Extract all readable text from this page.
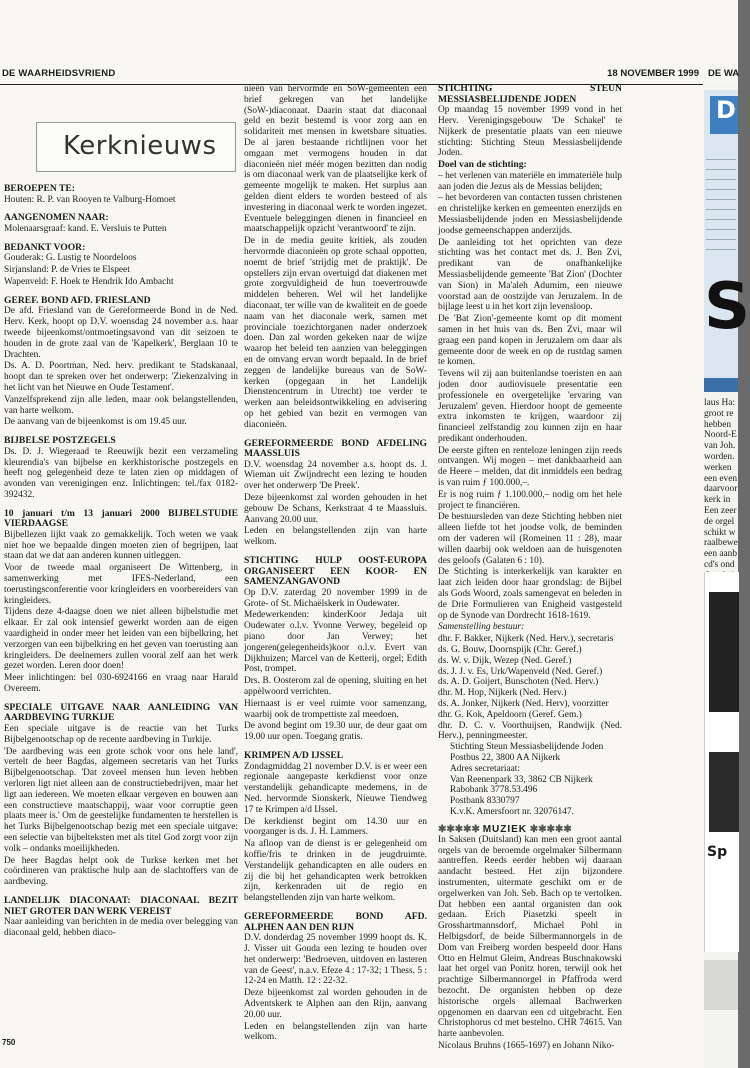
DE WAARHEIDSVRIEND	18 NOVEMBER 1999 DE WA
Kerknieuws
BEROEPEN TE:

Houten: R. P. van Rooyen te Valburg-Homoet

AANGENOMEN NAAR:

Molenaarsgraaf: kand. E. Versluis te Putten

BEDANKT VOOR:

Gouderak: G. Lustig te Noordeloos

Sirjansland: P. de Vries te Elspeet

Wapenveld: F. Hoek te Hendrik Ido Ambacht

GEREF. BOND AFD. FRIESLAND

De afd. Friesland van de Gereformeerde Bond in de Ned. Herv. Kerk, hoopt op D.V. woensdag 24 november a.s. haar tweede bijeenkomst/ontmoetingsavond van dit seizoen te houden in de grote zaal van de 'Kapelkerk', Berglaan 10 te Drachten.

Ds. A. D. Poortman, Ned. herv. predikant te Stadskanaal, hoopt dan te spreken over het onderwerp: 'Ziekenzalving in het licht van het Nieuwe en Oude Testament'.

Vanzelfsprekend zijn alle leden, maar ook belangstellenden, van harte welkom.

De aanvang van de bijeenkomst is om 19.45 uur.

BIJBELSE POSTZEGELS

Ds. D. J. Wiegeraad te Reeuwijk bezit een verzameling kleurendia's van bijbelse en kerkhistorische postzegels en heeft nog gelegenheid deze te laten zien op middagen of avonden van verenigingen enz. Inlichtingen: tel./fax 0182-392432.

10 januari t/m 13 januari 2000 BIJBELSTUDIE VIERDAAGSE

Bijbellezen lijkt vaak zo gemakkelijk. Toch weten we vaak niet hoe we bepaalde dingen moeten zien of begrijpen, laat staan dat we dat aan anderen kunnen uitleggen.

Voor de tweede maal organiseert De Wittenberg, in samenwerking met IFES-Nederland, een toerustingsconferentie voor kringleiders en voorbereiders van kringleiders.

Tijdens deze 4-daagse doen we niet alleen bijbelstudie met elkaar. Er zal ook intensief gewerkt worden aan de eigen vaardigheid in onder meer het leiden van een bijbelkring, het verzorgen van een bijbelkring en het geven van toerusting aan kringleiders. De deelnemers zullen vooral zelf aan het werk gezet worden. Leren door doen!

Meer inlichtingen: bel 030-6924166 en vraag naar Harald Overeem.

SPECIALE UITGAVE NAAR AANLEIDING VAN AARDBEVING TURKIJE

Een speciale uitgave is de reactie van het Turks Bijbelgenootschap op de recente aardbeving in Turkije.

'De aardbeving was een grote schok voor ons hele land', vertelt de heer Bagdas, algemeen secretaris van het Turks Bijbelgenootschap. 'Dat zoveel mensen hun leven hebben verloren ligt niet alleen aan de constructiebedrijven, maar het ligt aan iedereen. We moeten elkaar vergeven en bouwen aan een constructieve maatschappij, waar voor corruptie geen plaats meer is.' Om de geestelijke fundamenten te herstellen is het Turks Bijbelgenootschap bezig met een speciale uitgave: een selectie van bijbelteksten met als titel God zorgt voor zijn volk – ondanks moeilijkheden.

De heer Bagdas helpt ook de Turkse kerken met het coördineren van praktische hulp aan de slachtoffers van de aardbeving.

LANDELIJK DIACONAAT: DIACONAAL BEZIT NIET GROTER DAN WERK VEREIST

Naar aanleiding van berichten in de media over belegging van diaconaal geld, hebben diaco-

nieën van hervormde en SoW-gemeenten een brief gekregen van het landelijke (SoW-)diaconaat. Daarin staat dat diaconaal geld en bezit bestemd is voor zorg aan en solidariteit met mensen in kwetsbare situaties. De al jaren bestaande richtlijnen voor het omgaan met vermogens houden in dat diaconieën niet méér mogen bezitten dan nodig is om diaconaal werk van de plaatselijke kerk of gemeente mogelijk te maken. Het surplus aan gelden dient elders te worden besteed of als investering in diaconaal werk te worden ingezet. Eventuele beleggingen dienen in financieel en maatschappelijk opzicht 'verantwoord' te zijn.

De in de media geuite kritiek, als zouden hervormde diaconieën op grote schaal oppotten, noemt de brief 'strijdig met de praktijk'. De opstellers zijn ervan overtuigd dat diakenen met grote zorgvuldigheid de hun toevertrouwde middelen beheren. Wel wil het landelijke diaconaat, ter wille van de kwaliteit en de goede naam van het diaconale werk, samen met provinciale toezichtorganen nader onderzoek doen. Dan zal worden gekeken naar de wijze waarop het beleid ten aanzien van beleggingen en de omvang ervan wordt bepaald. In de brief zeggen de landelijke bureaus van de SoW-kerken (opgegaan in het Landelijk Dienstencentrum in Utrecht) toe verder te werken aan beleidsontwikkeling en advisering op het gebied van bezit en vermogen van diaconieën.

GEREFORMEERDE BOND AFDELING MAASSLUIS

D.V. woensdag 24 november a.s. hoopt ds. J. Wieman uit Zwijndrecht een lezing te houden over het onderwerp 'De Preek'.

Deze bijeenkomst zal worden gehouden in het gebouw De Schans, Kerkstraat 4 te Maassluis. Aanvang 20.00 uur.

Leden en belangstellenden zijn van harte welkom.

STICHTING HULP OOST-EUROPA ORGANISEERT EEN KOOR- EN SAMENZANGAVOND

Op D.V. zaterdag 20 november 1999 in de Grote- of St. Michaëlskerk in Oudewater.

Medewerkenden: kinderKoor Jedaja uit Oudewater o.l.v. Yvonne Verwey, begeleid op piano door Jan Verwey; het jongeren(gelegenheids)koor o.l.v. Evert van Dijkhuizen; Marcel van de Ketterij, orgel; Edith Post, trompet.

Drs. B. Oosterom zal de opening, sluiting en het appèlwoord verrichten.

Hiernaast is er veel ruimte voor samenzang, waarbij ook de trompettiste zal meedoen.

De avond begint om 19.30 uur, de deur gaat om 19.00 uur open. Toegang gratis.

KRIMPEN A/D IJSSEL

Zondagmiddag 21 november D.V. is er weer een regionale aangepaste kerkdienst voor onze verstandelijk gehandicapte medemens, in de Ned. hervormde Sionskerk, Nieuwe Tiendweg 17 te Krimpen a/d IJssel.

De kerkdienst begint om 14.30 uur en voorganger is ds. J. H. Lammers.

Na afloop van de dienst is er gelegenheid om koffie/fris te drinken in de jeugdruimte. Verstandelijk gehandicapten en alle ouders en zij die bij het gehandicapten werk betrokken zijn, kerkenraden uit de regio en belangstellenden zijn van harte welkom.

GEREFORMEERDE BOND AFD. ALPHEN AAN DEN RIJN

D.V. donderdag 25 november 1999 hoopt ds. K. J. Visser uit Gouda een lezing te houden over het onderwerp: 'Bedroeven, uitdoven en lasteren van de Geest', n.a.v. Efeze 4 : 17-32; 1 Thess. 5 : 12-24 en Matth. 12 : 22-32.

Deze bijeenkomst zal worden gehouden in de Adventskerk te Alphen aan den Rijn, aanvang 20.00 uur.

Leden en belangstellenden zijn van harte welkom.

STICHTING STEUN MESSIASBELIJDENDE JODEN

Op maandag 15 november 1999 vond in het Herv. Verenigingsgebouw 'De Schakel' te Nijkerk de presentatie plaats van een nieuwe stichting: Stichting Steun Messiasbelijdende Joden.

Doel van de stichting:

– het verlenen van materiële en immateriële hulp aan joden die Jezus als de Messias belijden;

– het bevorderen van contacten tussen christenen en christelijke kerken en gemeenten enerzijds en Messiasbelijdende joden en Messiasbelijdende joodse gemeenschappen anderzijds.

De aanleiding tot het oprichten van deze stichting was het contact met ds. J. Ben Zvi, predikant van de onafhankelijke Messiasbelijdende gemeente 'Bat Zion' (Dochter van Sion) in Ma'aleh Adumim, een nieuwe voorstad aan de oostzijde van Jeruzalem. In de bijlage leest u in het kort zijn levensloop.

De 'Bat Zion'-gemeente komt op dit moment samen in het huis van ds. Ben Zvi, maar wil graag een pand kopen in Jeruzalem om daar als gemeente door de week en op de rustdag samen te komen.

Tevens wil zij aan buitenlandse toeristen en aan joden door audiovisuele presentatie een professionele en overgetelijke 'ervaring van Jeruzalem' geven. Hierdoor hoopt de gemeente extra inkomsten te krijgen, waardoor zij financieel zelfstandig zou kunnen zijn en haar predikant onderhouden.

De eerste giften en renteloze leningen zijn reeds ontvangen. Wij mogen – met dankbaarheid aan de Heere – melden, dat dit inmiddels een bedrag is van ruim ƒ 100.000,–.

Er is nog ruim ƒ 1.100.000,– nodig om het hele project te financiëren.

De bestuursleden van deze Stichting hebben niet alleen liefde tot het joodse volk, de beminden om der vaderen wil (Romeinen 11 : 28), maar willen daarbij ook weldoen aan de huisgenoten des geloofs (Galaten 6 : 10).

De Stichting is interkerkelijk van karakter en laat zich leiden door haar grondslag: de Bijbel als Gods Woord, zoals samengevat en beleden in de Drie Formulieren van Enigheid vastgesteld op de Synode van Dordrecht 1618-1619.

Samenstelling bestuur:

dhr. F. Bakker, Nijkerk (Ned. Herv.), secretaris

ds. G. Bouw, Doornspijk (Chr. Geref.)

ds. W. v. Dijk, Wezep (Ned. Geref.)

ds. J. J. v. Es, Urk/Wapenveld (Ned. Geref.)

ds. A. D. Goijert, Bunschoten (Ned. Herv.)

dhr. M. Hop, Nijkerk (Ned. Herv.)

ds. A. Jonker, Nijkerk (Ned. Herv), voorzitter

dhr. G. Kok, Apeldoorn (Geref. Gem.)

dhr. D. C. v. Voorthuijsen, Randwijk (Ned. Herv.), penningmeester.

Stichting Steun Messiasbelijdende Joden

Postbus 22, 3800 AA Nijkerk

Adres secretariaat:

Van Reenenpark 33, 3862 CB Nijkerk

Rabobank 3778.53.496

Postbank 8330797

K.v.K. Amersfoort nr. 32076147.

✱✱✱✱✱ MUZIEK ✱✱✱✱✱

In Saksen (Duitsland) kan men een groot aantal orgels van de beroemde orgelmaker Silbermann aantreffen. Reeds eerder hebben wij daaraan aandacht besteed. Het zijn bijzondere instrumenten, uitermate geschikt om er de orgelwerken van Joh. Seb. Bach op te vertolken. Dat hebben een aantal organisten dan ook gedaan. Erich Piasetzki speelt in Grosshartmannsdorf, Michael Pohl in Helbigsdorf, de beide Silbermannorgels in de Dom van Freiberg worden bespeeld door Hans Otto en Helmut Gleim, Andreas Buschnakowski laat het orgel van Ponitz horen, terwijl ook het prachtige Silbermannorgel in Pfaffroda werd bezocht. De organisten hebben op deze historische orgels allemaal Bachwerken opgenomen en daarvan een cd uitgebracht. Een Christophorus cd met bestelno. CHR 74615. Van harte aanbevolen.

Nicolaus Bruhns (1665-1697) en Johann Niko-

D
S
laus Ha: groot re hebben Noord-E van Joh. worden. werken een even daarvoor kerk in Een zeer de orgel schikt w raalbewe een aanb cd's ond
Sp
750
